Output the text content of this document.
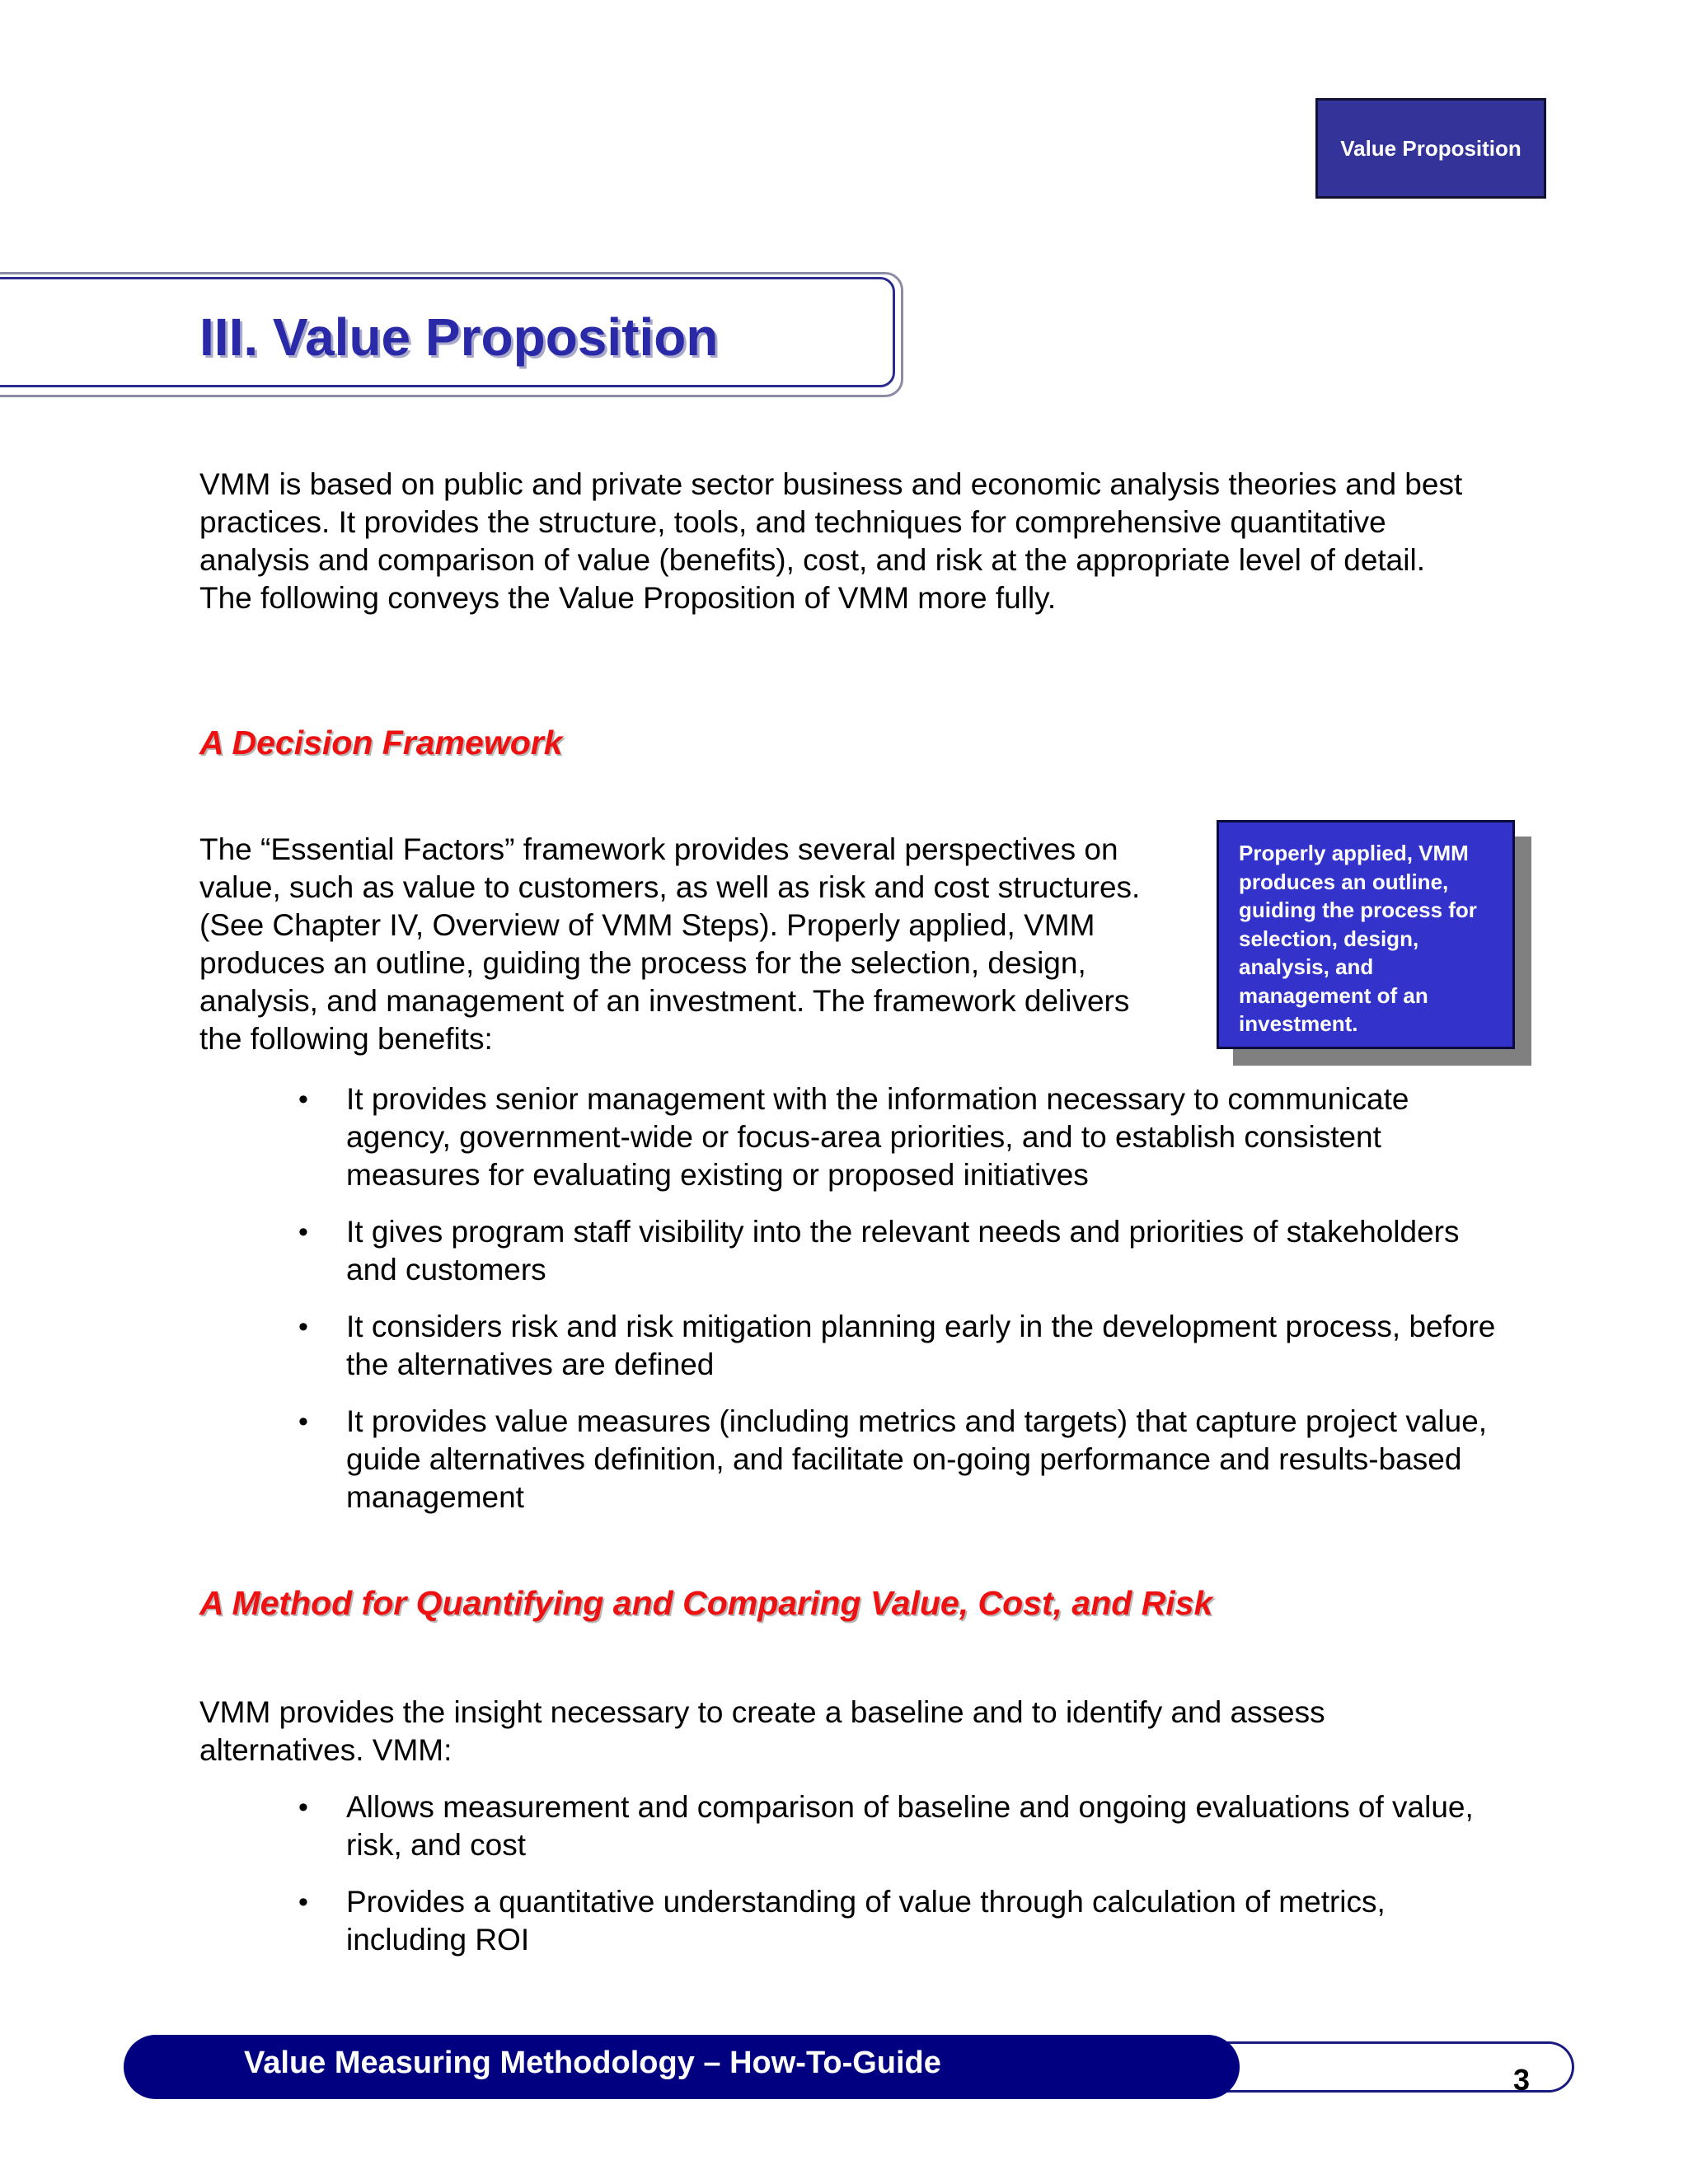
Value Proposition
III. Value Proposition

VMM is based on public and private sector business and economic analysis theories and best practices. It provides the structure, tools, and techniques for comprehensive quantitative analysis and comparison of value (benefits), cost, and risk at the appropriate level of detail. The following conveys the Value Proposition of VMM more fully.

A Decision Framework

The “Essential Factors” framework provides several perspectives on value, such as value to customers, as well as risk and cost structures. (See Chapter IV, Overview of VMM Steps). Properly applied, VMM produces an outline, guiding the process for the selection, design, analysis, and management of an investment. The framework delivers the following benefits:

Properly applied, VMM produces an outline, guiding the process for selection, design, analysis, and management of an investment.
• It provides senior management with the information necessary to communicate agency, government-wide or focus-area priorities, and to establish consistent measures for evaluating existing or proposed initiatives
• It gives program staff visibility into the relevant needs and priorities of stakeholders and customers
• It considers risk and risk mitigation planning early in the development process, before the alternatives are defined
• It provides value measures (including metrics and targets) that capture project value, guide alternatives definition, and facilitate on-going performance and results-based management
A Method for Quantifying and Comparing Value, Cost, and Risk

VMM provides the insight necessary to create a baseline and to identify and assess alternatives. VMM:

• Allows measurement and comparison of baseline and ongoing evaluations of value, risk, and cost
• Provides a quantitative understanding of value through calculation of metrics, including ROI

Value Measuring Methodology – How-To-Guide	3
